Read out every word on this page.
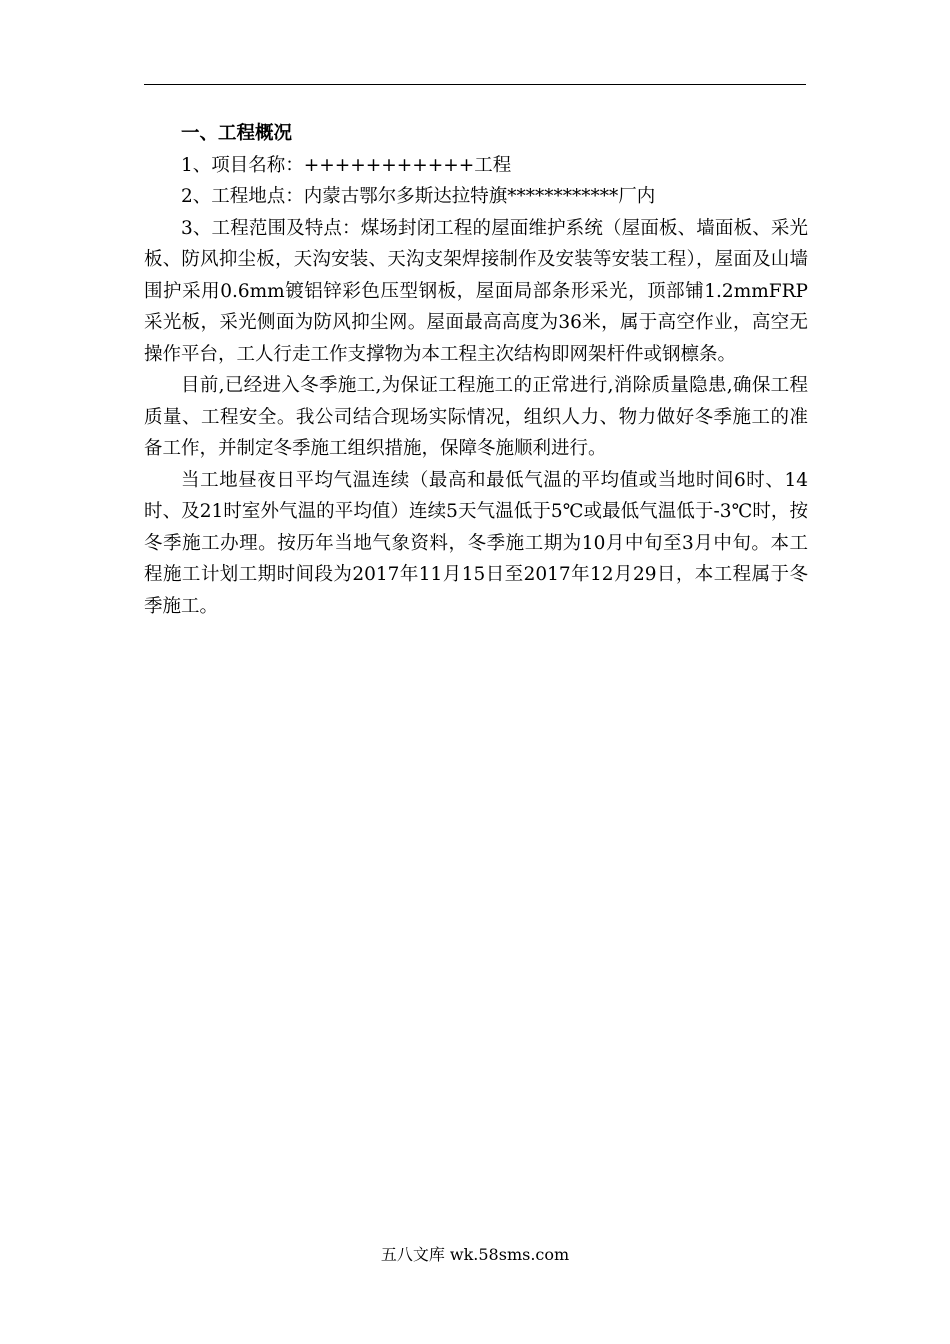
一、工程概况

1、项目名称：+++++++++++工程

2、工程地点：内蒙古鄂尔多斯达拉特旗************厂内

3、工程范围及特点：煤场封闭工程的屋面维护系统（屋面板、墙面板、采光板、防风抑尘板，天沟安装、天沟支架焊接制作及安装等安装工程），屋面及山墙围护采用0.6mm镀铝锌彩色压型钢板，屋面局部条形采光，顶部铺1.2mmFRP采光板，采光侧面为防风抑尘网。屋面最高高度为36米，属于高空作业，高空无操作平台，工人行走工作支撑物为本工程主次结构即网架杆件或钢檩条。

目前,已经进入冬季施工,为保证工程施工的正常进行,消除质量隐患,确保工程质量、工程安全。我公司结合现场实际情况，组织人力、物力做好冬季施工的准备工作，并制定冬季施工组织措施，保障冬施顺利进行。

当工地昼夜日平均气温连续（最高和最低气温的平均值或当地时间6时、14时、及21时室外气温的平均值）连续5天气温低于5℃或最低气温低于-3℃时，按冬季施工办理。按历年当地气象资料，冬季施工期为10月中旬至3月中旬。本工程施工计划工期时间段为2017年11月15日至2017年12月29日，本工程属于冬季施工。

五八文库 wk.58sms.com
